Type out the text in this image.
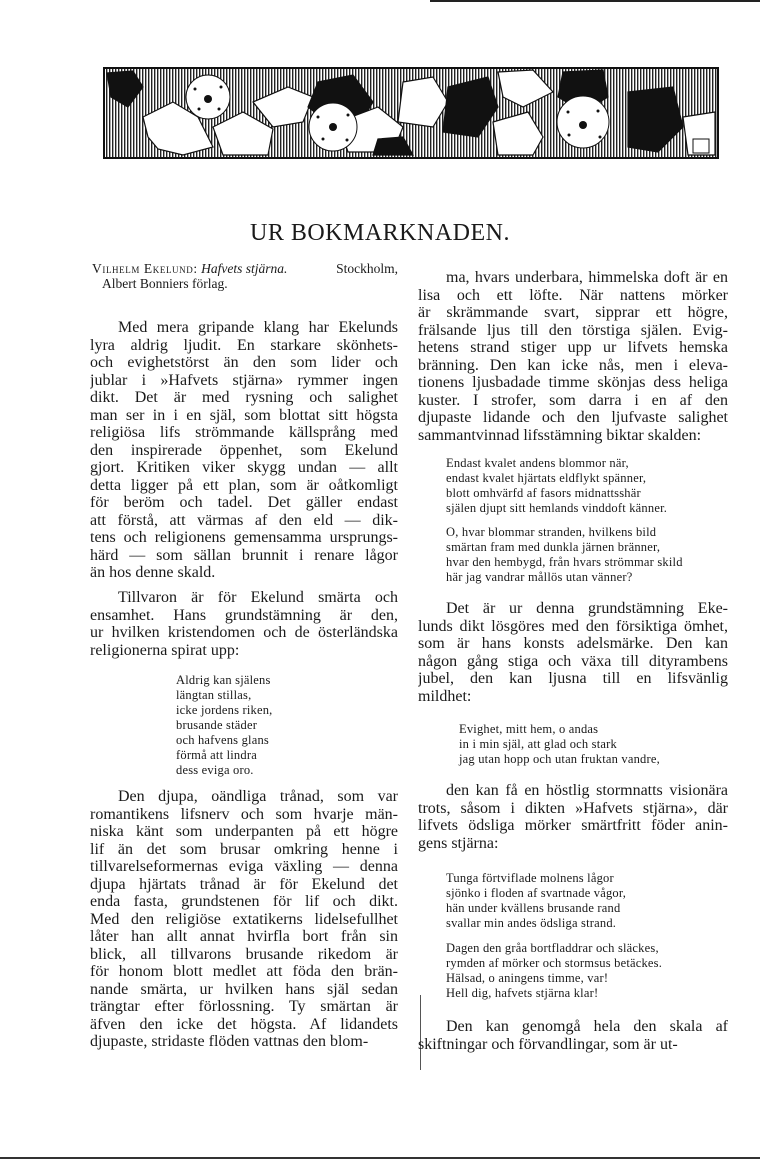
UR BOKMARKNADEN.
Vilhelm Ekelund: Hafvets stjärna.	Stockholm,
Albert Bonniers förlag.
Med mera gripande klang har Ekelunds
lyra aldrig ljudit. En starkare skönhets-
och evighetstörst än den som lider och
jublar i »Hafvets stjärna» rymmer ingen
dikt. Det är med rysning och salighet
man ser in i en själ, som blottat sitt högsta
religiösa lifs strömmande källsprång med
den inspirerade öppenhet, som Ekelund
gjort. Kritiken viker skygg undan — allt
detta ligger på ett plan, som är oåtkomligt
för beröm och tadel. Det gäller endast
att förstå, att värmas af den eld — dik-
tens och religionens gemensamma ursprungs-
härd — som sällan brunnit i renare lågor
än hos denne skald.
Tillvaron är för Ekelund smärta och
ensamhet. Hans grundstämning är den,
ur hvilken kristendomen och de österländska
religionerna spirat upp:
Aldrig kan själens
längtan stillas,
icke jordens riken,
brusande städer
och hafvens glans
förmå att lindra
dess eviga oro.
Den djupa, oändliga trånad, som var
romantikens lifsnerv och som hvarje män-
niska känt som underpanten på ett högre
lif än det som brusar omkring henne i
tillvarelseformernas eviga växling — denna
djupa hjärtats trånad är för Ekelund det
enda fasta, grundstenen för lif och dikt.
Med den religiöse extatikerns lidelsefullhet
låter han allt annat hvirfla bort från sin
blick, all tillvarons brusande rikedom är
för honom blott medlet att föda den brän-
nande smärta, ur hvilken hans själ sedan
trängtar efter förlossning. Ty smärtan är
äfven den icke det högsta. Af lidandets
djupaste, stridaste flöden vattnas den blom-
ma, hvars underbara, himmelska doft är en
lisa och ett löfte. När nattens mörker
är skrämmande svart, sipprar ett högre,
frälsande ljus till den törstiga själen. Evig-
hetens strand stiger upp ur lifvets hemska
bränning. Den kan icke nås, men i eleva-
tionens ljusbadade timme skönjas dess heliga
kuster. I strofer, som darra i en af den
djupaste lidande och den ljufvaste salighet
sammantvinnad lifsstämning biktar skalden:
Endast kvalet andens blommor när,
endast kvalet hjärtats eldflykt spänner,
blott omhvärfd af fasors midnattsshär
själen djupt sitt hemlands vinddoft känner.
O, hvar blommar stranden, hvilkens bild
smärtan fram med dunkla järnen bränner,
hvar den hembygd, från hvars strömmar skild
här jag vandrar mållös utan vänner?
Det är ur denna grundstämning Eke-
lunds dikt lösgöres med den försiktiga ömhet,
som är hans konsts adelsmärke. Den kan
någon gång stiga och växa till dityrambens
jubel, den kan ljusna till en lifsvänlig
mildhet:
Evighet, mitt hem, o andas
in i min själ, att glad och stark
jag utan hopp och utan fruktan vandre,
den kan få en höstlig stormnatts visionära
trots, såsom i dikten »Hafvets stjärna», där
lifvets ödsliga mörker smärtfritt föder anin-
gens stjärna:
Tunga förtviflade molnens lågor
sjönko i floden af svartnade vågor,
hän under kvällens brusande rand
svallar min andes ödsliga strand.
Dagen den gråa bortfladdrar och släckes,
rymden af mörker och stormsus betäckes.
Hälsad, o aningens timme, var!
Hell dig, hafvets stjärna klar!
Den kan genomgå hela den skala af
skiftningar och förvandlingar, som är ut-
